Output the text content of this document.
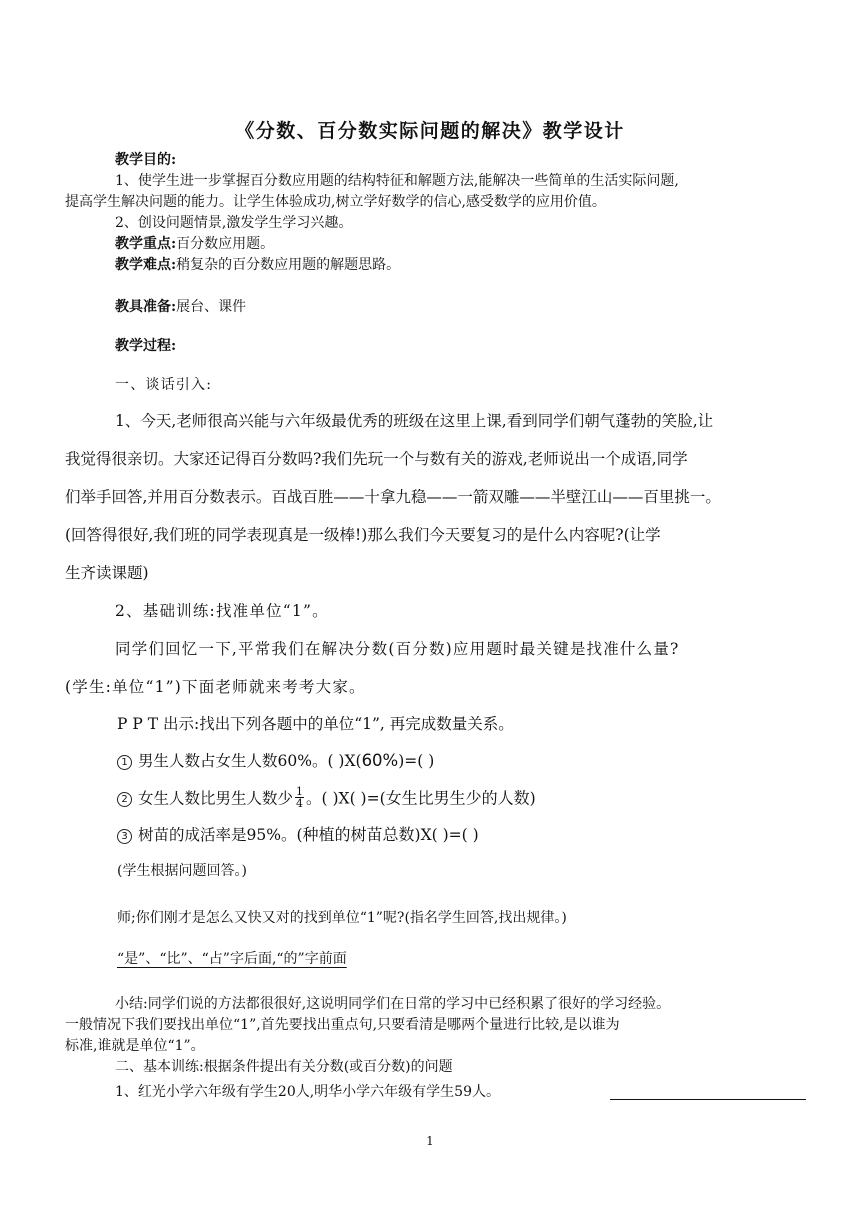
《分数、百分数实际问题的解决》教学设计
教学目的:
1、使学生进一步掌握百分数应用题的结构特征和解题方法,能解决一些简单的生活实际问题,
提高学生解决问题的能力。让学生体验成功,树立学好数学的信心,感受数学的应用价值。
2、创设问题情景,激发学生学习兴趣。
教学重点:百分数应用题。
教学难点:稍复杂的百分数应用题的解题思路。
教具准备:展台、课件
教学过程:
一、谈话引入:
1、今天,老师很高兴能与六年级最优秀的班级在这里上课,看到同学们朝气蓬勃的笑脸,让
我觉得很亲切。大家还记得百分数吗?我们先玩一个与数有关的游戏,老师说出一个成语,同学
们举手回答,并用百分数表示。百战百胜——十拿九稳——一箭双雕——半壁江山——百里挑一。
(回答得很好,我们班的同学表现真是一级棒!)那么我们今天要复习的是什么内容呢?(让学
生齐读课题)
2、基础训练:找准单位“1”。
同学们回忆一下,平常我们在解决分数(百分数)应用题时最关键是找准什么量?
(学生:单位“1”)下面老师就来考考大家。
P P T 出示:找出下列各题中的单位“1”, 再完成数量关系。
1 男生人数占女生人数60%。( )X(60%)=( )
2 女生人数比男生人数少 $\frac{1}{4}$ 。( )X( )=(女生比男生少的人数)
3 树苗的成活率是95%。(种植的树苗总数)X( )=( )
(学生根据问题回答。)
师;你们刚才是怎么又快又对的找到单位“1”呢?(指名学生回答,找出规律。)
“是”、“比”、“占”字后面,“的”字前面
小结:同学们说的方法都很很好,这说明同学们在日常的学习中已经积累了很好的学习经验。
一般情况下我们要找出单位“1”,首先要找出重点句,只要看清是哪两个量进行比较,是以谁为
标准,谁就是单位“1”。
二、基本训练:根据条件提出有关分数(或百分数)的问题
1、红光小学六年级有学生20人,明华小学六年级有学生59人。
1
